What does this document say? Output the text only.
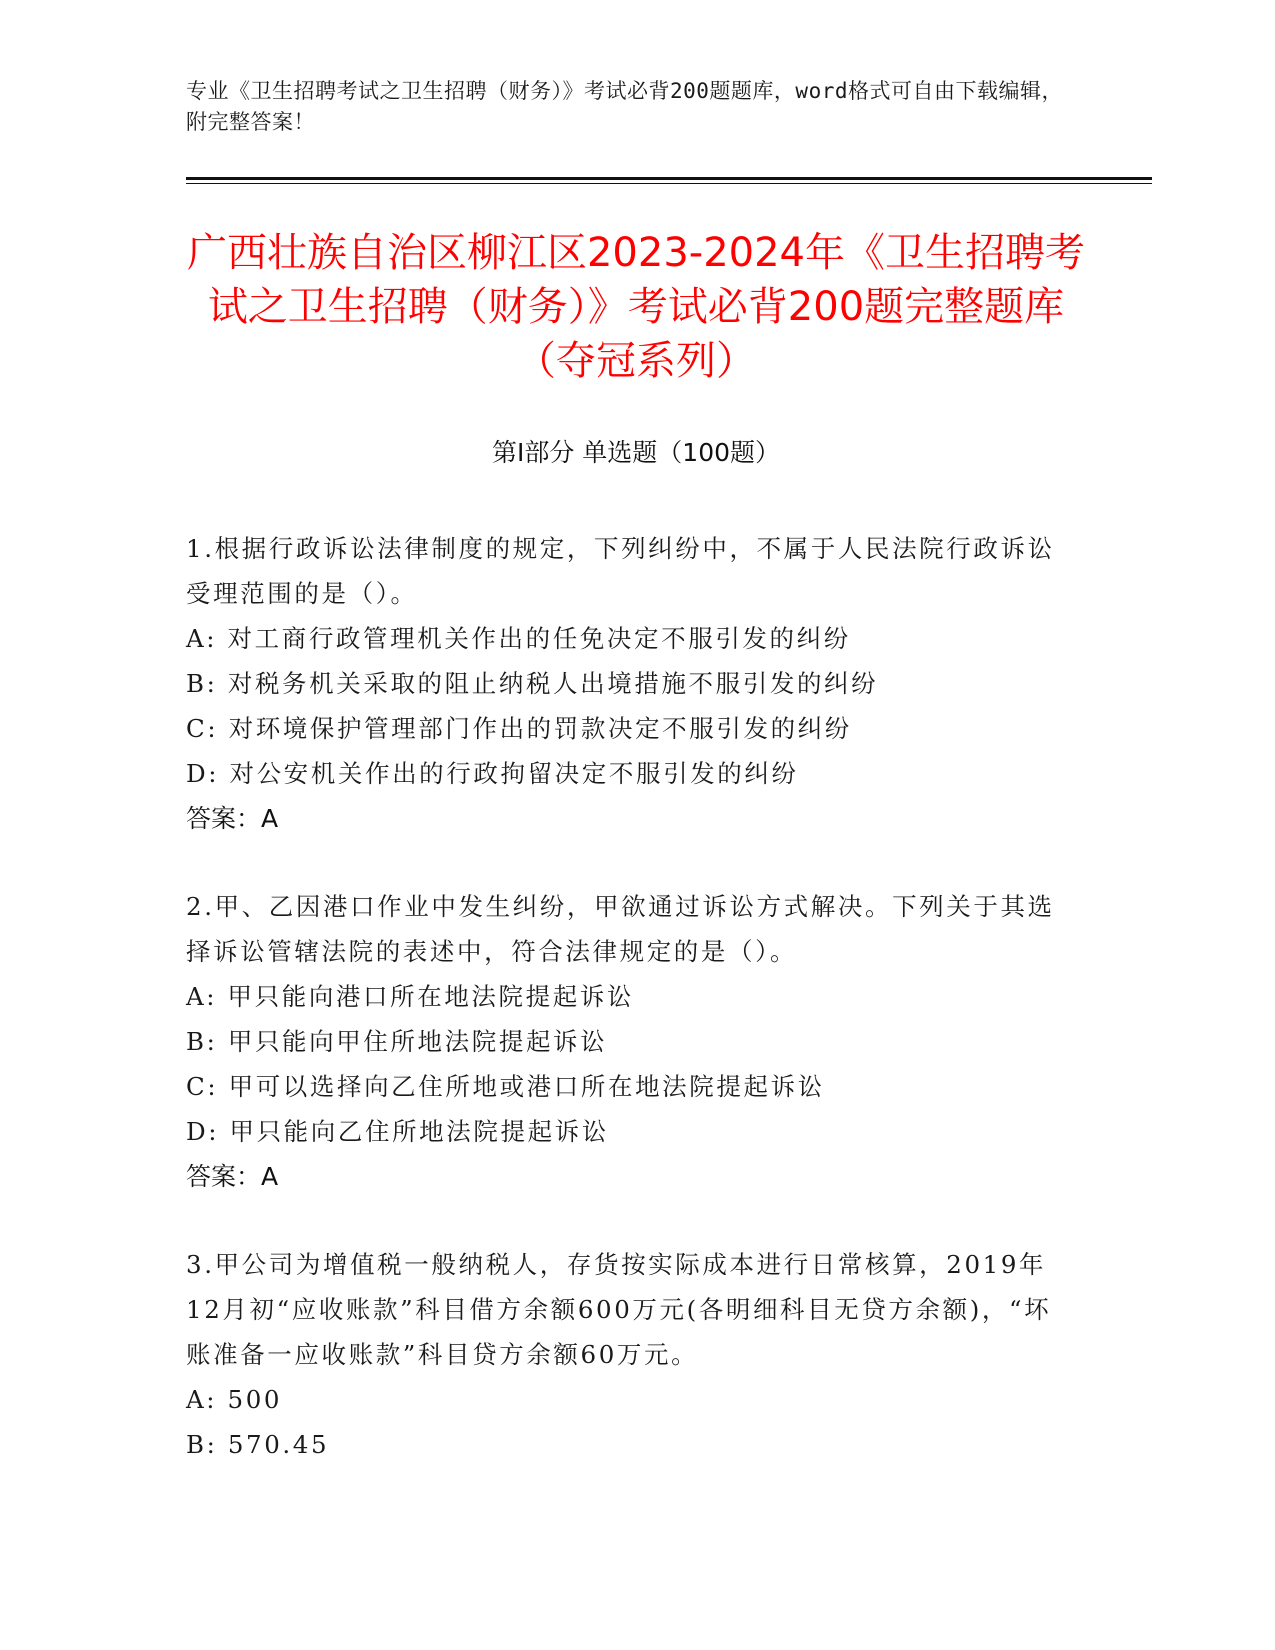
专业《卫生招聘考试之卫生招聘（财务）》考试必背200题题库，word格式可自由下载编辑，附完整答案！
广西壮族自治区柳江区2023-2024年《卫生招聘考试之卫生招聘（财务）》考试必背200题完整题库（夺冠系列）
第Ⅰ部分 单选题（100题）

1.根据行政诉讼法律制度的规定，下列纠纷中，不属于人民法院行政诉讼受理范围的是（）。

A: 对工商行政管理机关作出的任免决定不服引发的纠纷

B: 对税务机关采取的阻止纳税人出境措施不服引发的纠纷

C: 对环境保护管理部门作出的罚款决定不服引发的纠纷

D: 对公安机关作出的行政拘留决定不服引发的纠纷

答案：A

2.甲、乙因港口作业中发生纠纷，甲欲通过诉讼方式解决。下列关于其选择诉讼管辖法院的表述中，符合法律规定的是（）。

A: 甲只能向港口所在地法院提起诉讼

B: 甲只能向甲住所地法院提起诉讼

C: 甲可以选择向乙住所地或港口所在地法院提起诉讼

D: 甲只能向乙住所地法院提起诉讼

答案：A

3.甲公司为增值税一般纳税人，存货按实际成本进行日常核算，2019年12月初“应收账款”科目借方余额600万元(各明细科目无贷方余额)，“坏账准备一应收账款”科目贷方余额60万元。

A: 500

B: 570.45
